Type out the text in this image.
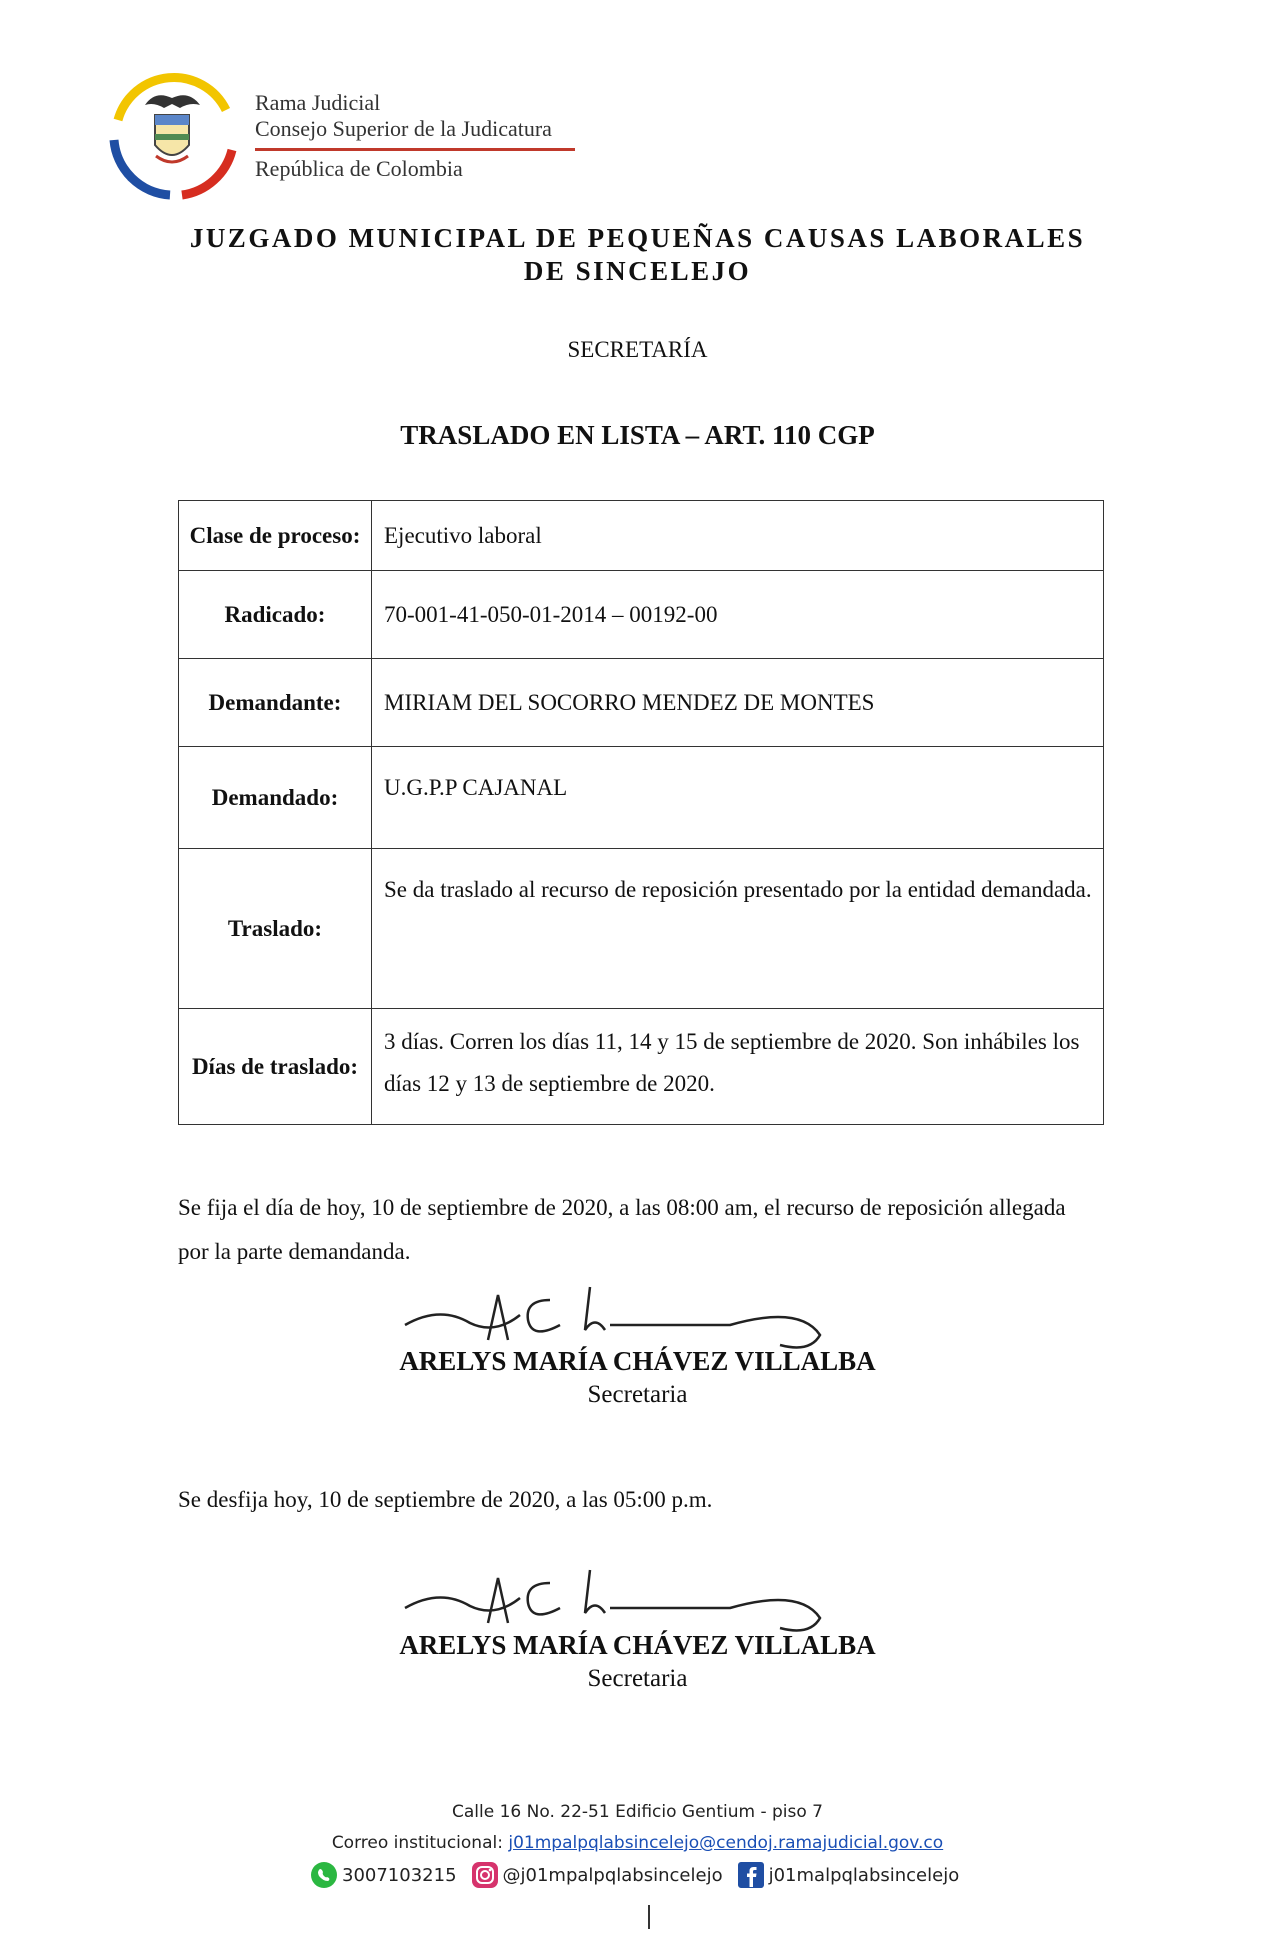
Rama Judicial
Consejo Superior de la Judicatura
República de Colombia
JUZGADO MUNICIPAL DE PEQUEÑAS CAUSAS LABORALES
DE SINCELEJO
SECRETARÍA
TRASLADO EN LISTA – ART. 110 CGP
Clase de proceso:	Ejecutivo laboral
Radicado:	70-001-41-050-01-2014 – 00192-00
Demandante:	MIRIAM DEL SOCORRO MENDEZ DE MONTES
Demandado:	U.G.P.P CAJANAL
Traslado:	Se da traslado al recurso de reposición presentado por la entidad demandada.
Días de traslado:	3 días. Corren los días 11, 14 y 15 de septiembre de 2020. Son inhábiles los días 12 y 13 de septiembre de 2020.
Se fija el día de hoy, 10 de septiembre de 2020, a las 08:00 am, el recurso de reposición allegada por la parte demandanda.
ARELYS MARÍA CHÁVEZ VILLALBA
Secretaria
Se desfija hoy, 10 de septiembre de 2020, a las 05:00 p.m.
ARELYS MARÍA CHÁVEZ VILLALBA
Secretaria
Calle 16 No. 22-51 Edificio Gentium - piso 7
Correo institucional: j01mpalpqlabsincelejo@cendoj.ramajudicial.gov.co
3007103215	@j01mpalpqlabsincelejo	j01malpqlabsincelejo
